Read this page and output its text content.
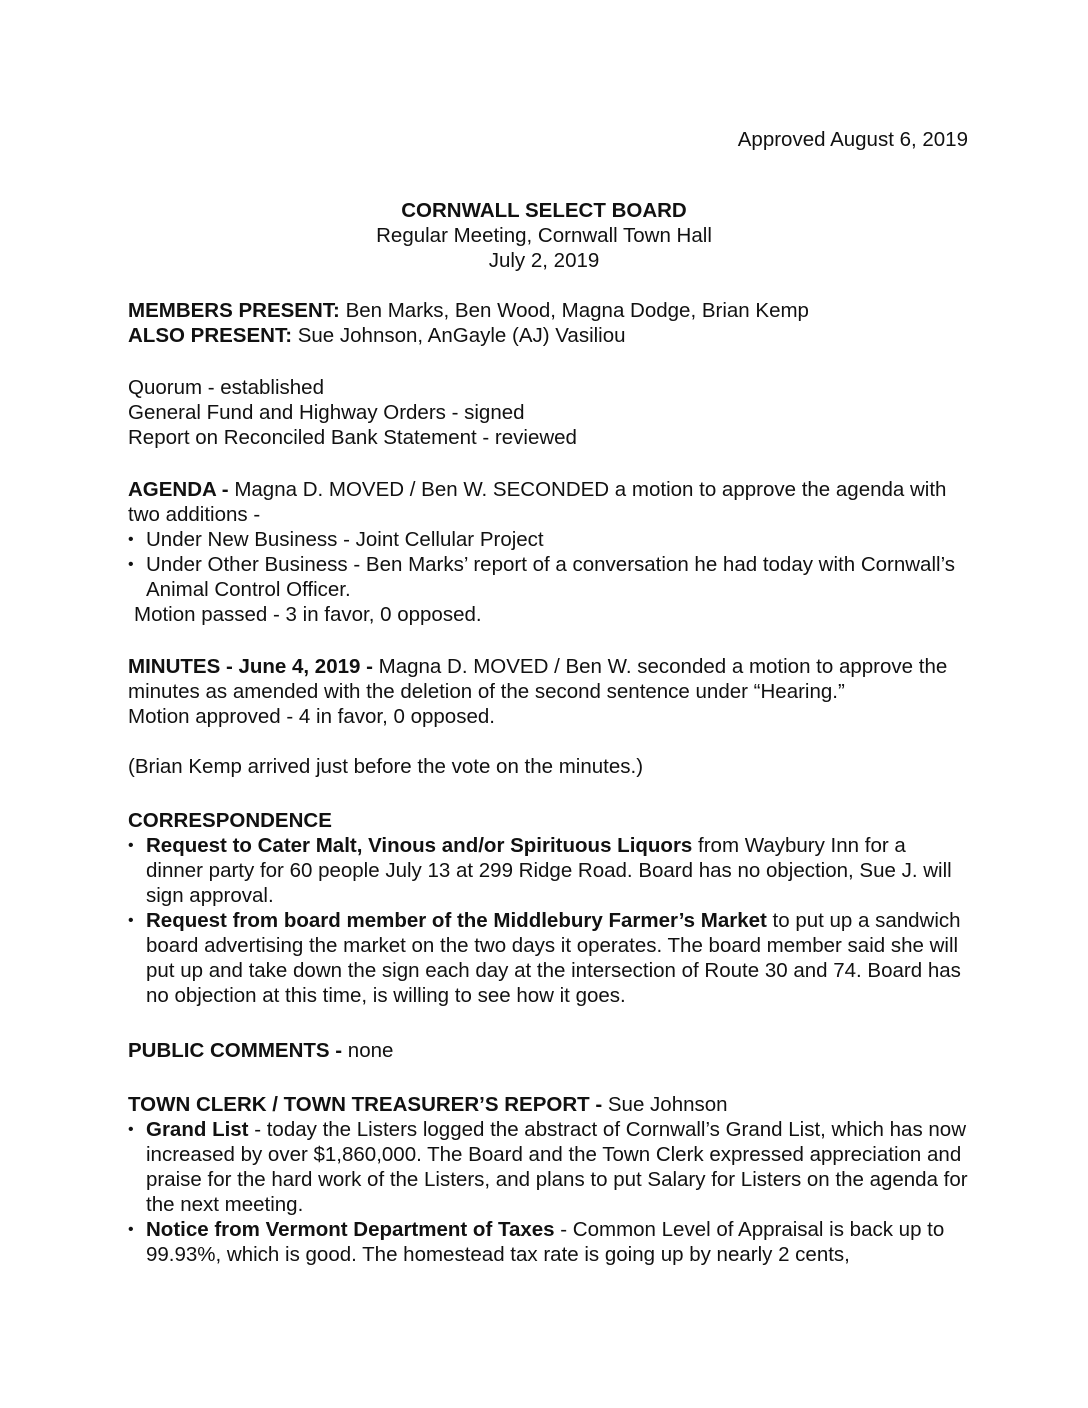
Approved August 6, 2019
CORNWALL SELECT BOARD
Regular Meeting, Cornwall Town Hall
July 2, 2019
MEMBERS PRESENT: Ben Marks, Ben Wood, Magna Dodge, Brian Kemp
ALSO PRESENT: Sue Johnson, AnGayle (AJ) Vasiliou
Quorum - established
General Fund and Highway Orders - signed
Report on Reconciled Bank Statement - reviewed
AGENDA - Magna D. MOVED / Ben W. SECONDED a motion to approve the agenda with two additions -
• Under New Business - Joint Cellular Project
• Under Other Business - Ben Marks’ report of a conversation he had today with Cornwall’s Animal Control Officer.
Motion passed - 3 in favor, 0 opposed.
MINUTES - June 4, 2019 - Magna D. MOVED / Ben W. seconded a motion to approve the minutes as amended with the deletion of the second sentence under “Hearing.”
Motion approved - 4 in favor, 0 opposed.
(Brian Kemp arrived just before the vote on the minutes.)
CORRESPONDENCE
• Request to Cater Malt, Vinous and/or Spirituous Liquors from Waybury Inn for a dinner party for 60 people July 13 at 299 Ridge Road. Board has no objection, Sue J. will sign approval.
• Request from board member of the Middlebury Farmer’s Market to put up a sandwich board advertising the market on the two days it operates. The board member said she will put up and take down the sign each day at the intersection of Route 30 and 74. Board has no objection at this time, is willing to see how it goes.
PUBLIC COMMENTS - none
TOWN CLERK / TOWN TREASURER’S REPORT - Sue Johnson
• Grand List - today the Listers logged the abstract of Cornwall’s Grand List, which has now increased by over $1,860,000. The Board and the Town Clerk expressed appreciation and praise for the hard work of the Listers, and plans to put Salary for Listers on the agenda for the next meeting.
• Notice from Vermont Department of Taxes - Common Level of Appraisal is back up to 99.93%, which is good. The homestead tax rate is going up by nearly 2 cents,
